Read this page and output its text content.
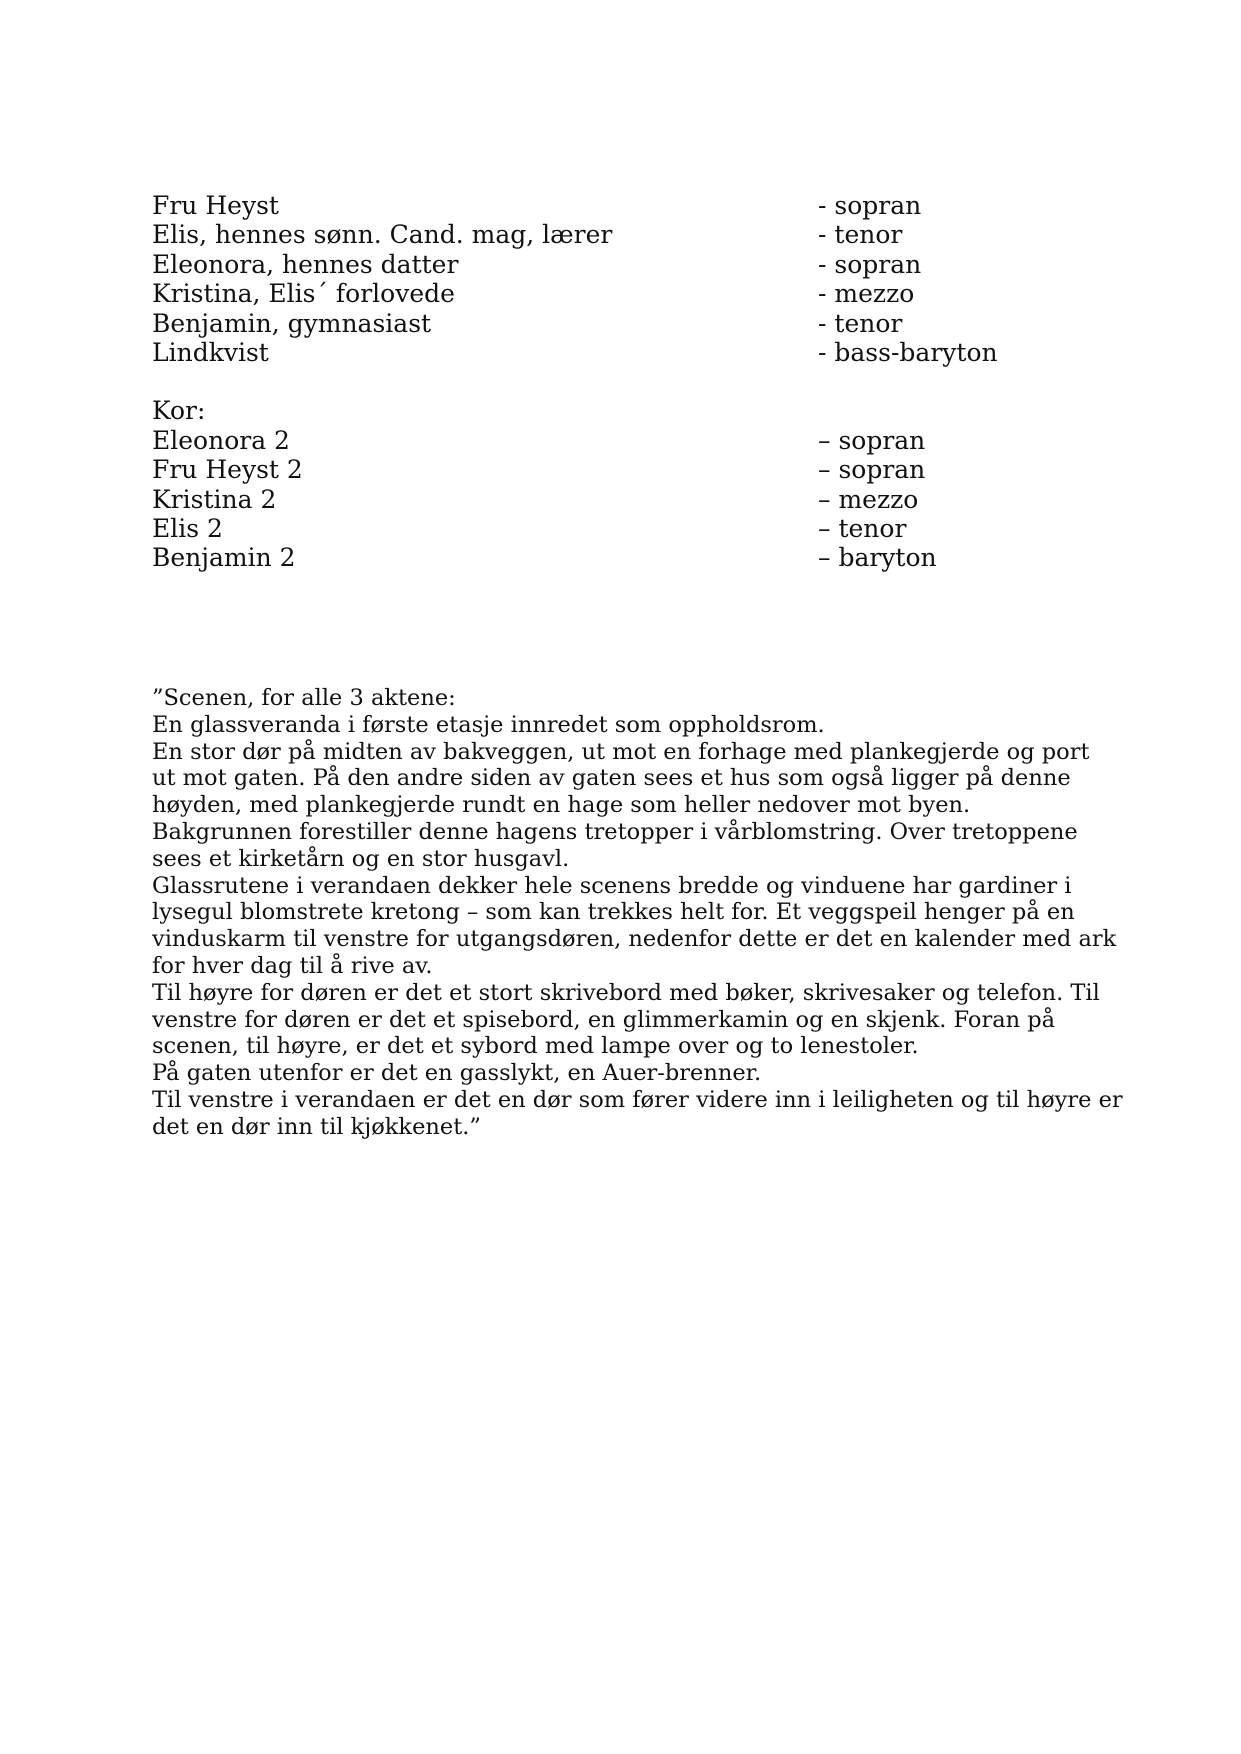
Fru Heyst	- sopran
Elis, hennes sønn. Cand. mag, lærer	- tenor
Eleonora, hennes datter	- sopran
Kristina, Elis´ forlovede	- mezzo
Benjamin, gymnasiast	- tenor
Lindkvist	- bass-baryton
Kor:
Eleonora 2	– sopran
Fru Heyst 2	– sopran
Kristina 2	– mezzo
Elis 2	– tenor
Benjamin 2	– baryton
”Scenen, for alle 3 aktene:
En glassveranda i første etasje innredet som oppholdsrom.
En stor dør på midten av bakveggen, ut mot en forhage med plankegjerde og port
ut mot gaten. På den andre siden av gaten sees et hus som også ligger på denne
høyden, med plankegjerde rundt en hage som heller nedover mot byen.
Bakgrunnen forestiller denne hagens tretopper i vårblomstring. Over tretoppene
sees et kirketårn og en stor husgavl.
Glassrutene i verandaen dekker hele scenens bredde og vinduene har gardiner i
lysegul blomstrete kretong – som kan trekkes helt for. Et veggspeil henger på en
vinduskarm til venstre for utgangsdøren, nedenfor dette er det en kalender med ark
for hver dag til å rive av.
Til høyre for døren er det et stort skrivebord med bøker, skrivesaker og telefon. Til
venstre for døren er det et spisebord, en glimmerkamin og en skjenk. Foran på
scenen, til høyre, er det et sybord med lampe over og to lenestoler.
På gaten utenfor er det en gasslykt, en Auer-brenner.
Til venstre i verandaen er det en dør som fører videre inn i leiligheten og til høyre er
det en dør inn til kjøkkenet.”
